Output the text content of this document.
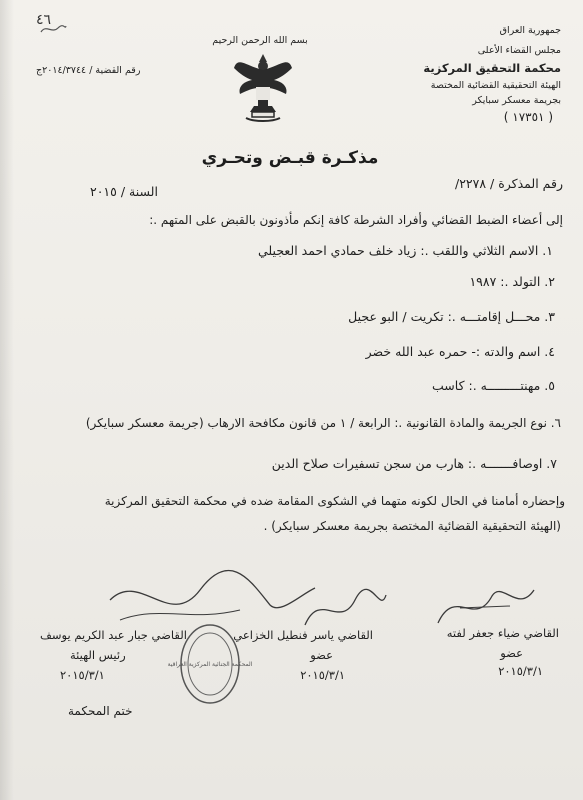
٤٦
بسم الله الرحمن الرحيم
رقم القضية / ٢٠١٤/٣٧٤٤ج
جمهورية العراق
مجلس القضاء الأعلى
محكمة التحقيق المركزية
الهيئة التحقيقية القضائية المختصة
بجريمة معسكر سبايكر
( ١٧٣٥١ )
مذكـرة قبـض وتحـري
رقم المذكرة / ٢٢٧٨/
السنة / ٢٠١٥
إلى أعضاء الضبط القضائي وأفراد الشرطة كافة إنكم مأذونون بالقبض على المتهم .:
١. الاسم الثلاثي واللقب .: زياد خلف حمادي احمد العجيلي
٢. التولد .: ١٩٨٧
٣. محـــل إقامتـــه .: تكريت / البو عجيل
٤. اسم والدته :- حمره عبد الله خضر
٥. مهنتـــــــــه .: كاسب
٦. نوع الجريمة والمادة القانونية .: الرابعة / ١ من قانون مكافحة الارهاب (جريمة معسكر سبايكر)
٧. اوصافـــــــه .: هارب من سجن تسفيرات صلاح الدين
وإحضاره أمامنا في الحال لكونه متهما في الشكوى المقامة ضده في محكمة التحقيق المركزية
(الهيئة التحقيقية القضائية المختصة بجريمة معسكر سبايكر) .
القاضي ضياء جعفر لفته
عضو
٢٠١٥/٣/١
القاضي ياسر فنطيل الخزاعي
عضو
٢٠١٥/٣/١
القاضي جبار عبد الكريم يوسف
رئيس الهيئة
٢٠١٥/٣/١
المحكمة الجنائية المركزية العراقية
ختم المحكمة
